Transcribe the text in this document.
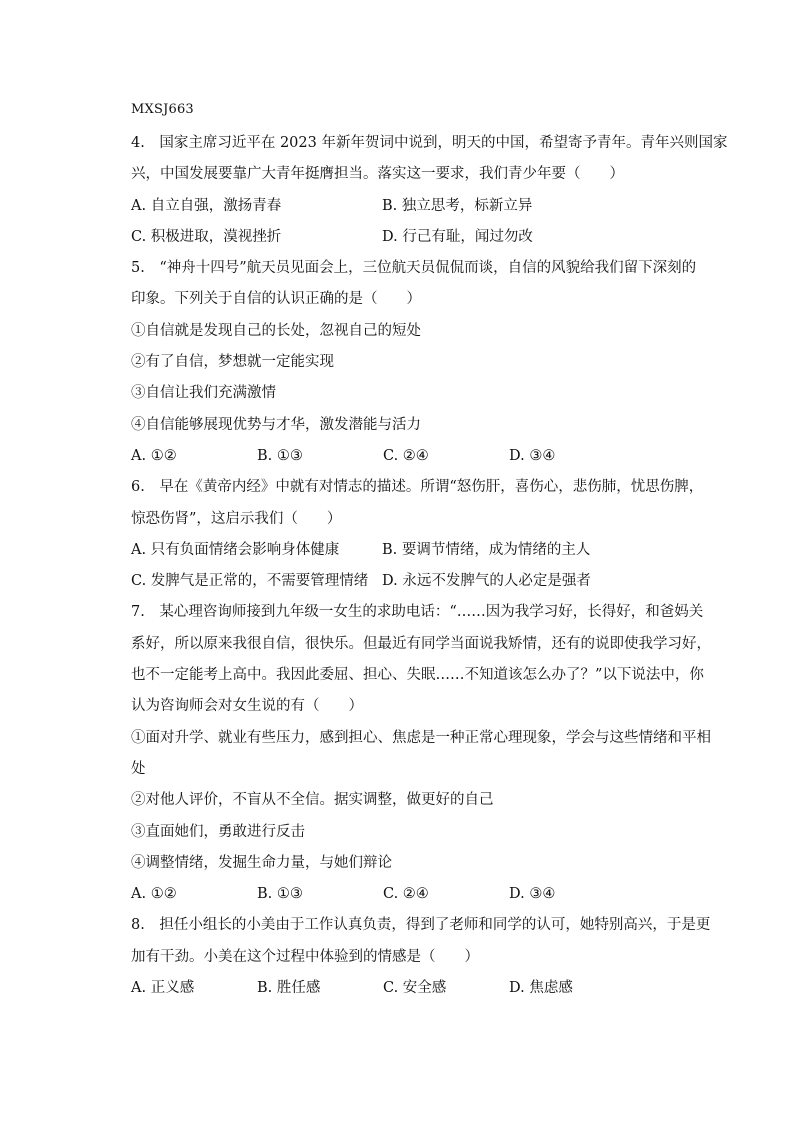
MXSJ663
4.　国家主席习近平在 2023 年新年贺词中说到，明天的中国，希望寄予青年。青年兴则国家
兴，中国发展要靠广大青年挺膺担当。落实这一要求，我们青少年要（　　）
A. 自立自强，激扬青春	B. 独立思考，标新立异
C. 积极进取，漠视挫折	D. 行己有耻，闻过勿改
5.　“神舟十四号”航天员见面会上，三位航天员侃侃而谈，自信的风貌给我们留下深刻的
印象。下列关于自信的认识正确的是（　　）
①自信就是发现自己的长处，忽视自己的短处
②有了自信，梦想就一定能实现
③自信让我们充满激情
④自信能够展现优势与才华，激发潜能与活力
A. ①②	B. ①③	C. ②④	D. ③④
6.　早在《黄帝内经》中就有对情志的描述。所谓“怒伤肝，喜伤心，悲伤肺，忧思伤脾，
惊恐伤肾”，这启示我们（　　）
A. 只有负面情绪会影响身体健康	B. 要调节情绪，成为情绪的主人
C. 发脾气是正常的，不需要管理情绪 D. 永远不发脾气的人必定是强者
7.　某心理咨询师接到九年级一女生的求助电话：“……因为我学习好，长得好，和爸妈关
系好，所以原来我很自信，很快乐。但最近有同学当面说我矫情，还有的说即使我学习好，
也不一定能考上高中。我因此委屈、担心、失眠……不知道该怎么办了？”以下说法中，你
认为咨询师会对女生说的有（　　）
①面对升学、就业有些压力，感到担心、焦虑是一种正常心理现象，学会与这些情绪和平相
处
②对他人评价，不盲从不全信。据实调整，做更好的自己
③直面她们，勇敢进行反击
④调整情绪，发掘生命力量，与她们辩论
A. ①②	B. ①③	C. ②④	D. ③④
8.　担任小组长的小美由于工作认真负责，得到了老师和同学的认可，她特别高兴，于是更
加有干劲。小美在这个过程中体验到的情感是（　　）
A. 正义感	B. 胜任感	C. 安全感	D. 焦虑感
